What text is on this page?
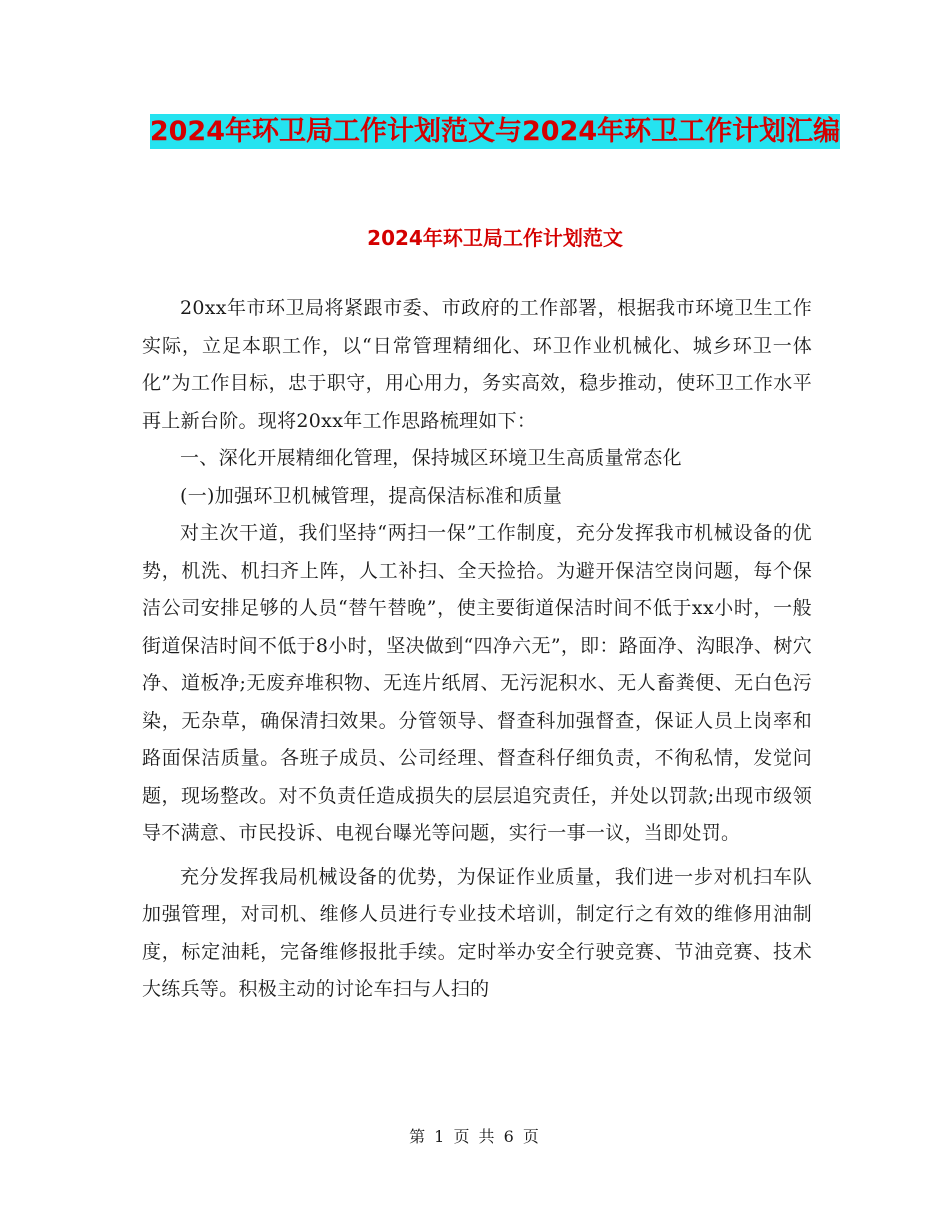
2024年环卫局工作计划范文与2024年环卫工作计划汇编
2024年环卫局工作计划范文

20xx年市环卫局将紧跟市委、市政府的工作部署，根据我市环境卫生工作实际，立足本职工作，以“日常管理精细化、环卫作业机械化、城乡环卫一体化”为工作目标，忠于职守，用心用力，务实高效，稳步推动，使环卫工作水平再上新台阶。现将20xx年工作思路梳理如下：

一、深化开展精细化管理，保持城区环境卫生高质量常态化

(一)加强环卫机械管理，提高保洁标准和质量

对主次干道，我们坚持“两扫一保”工作制度，充分发挥我市机械设备的优势，机洗、机扫齐上阵，人工补扫、全天捡拾。为避开保洁空岗问题，每个保洁公司安排足够的人员“替午替晚”，使主要街道保洁时间不低于xx小时，一般街道保洁时间不低于8小时，坚决做到“四净六无”，即：路面净、沟眼净、树穴净、道板净;无废弃堆积物、无连片纸屑、无污泥积水、无人畜粪便、无白色污染，无杂草，确保清扫效果。分管领导、督查科加强督查，保证人员上岗率和路面保洁质量。各班子成员、公司经理、督查科仔细负责，不徇私情，发觉问题，现场整改。对不负责任造成损失的层层追究责任，并处以罚款;出现市级领导不满意、市民投诉、电视台曝光等问题，实行一事一议，当即处罚。

充分发挥我局机械设备的优势，为保证作业质量，我们进一步对机扫车队加强管理，对司机、维修人员进行专业技术培训，制定行之有效的维修用油制度，标定油耗，完备维修报批手续。定时举办安全行驶竞赛、节油竞赛、技术大练兵等。积极主动的讨论车扫与人扫的

第 1 页 共 6 页
